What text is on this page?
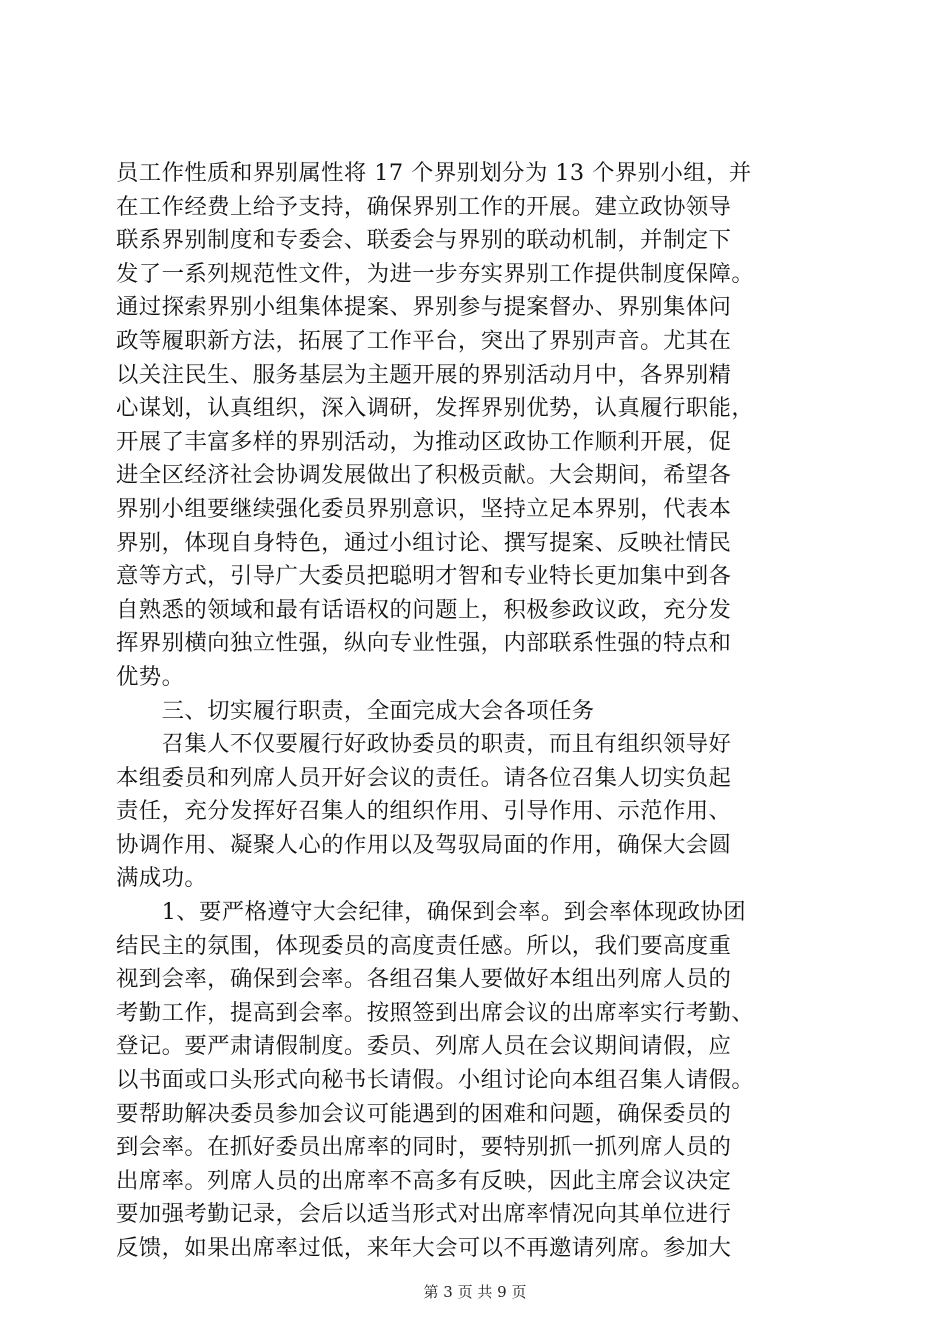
员工作性质和界别属性将 17 个界别划分为 13 个界别小组，并
在工作经费上给予支持，确保界别工作的开展。建立政协领导
联系界别制度和专委会、联委会与界别的联动机制，并制定下
发了一系列规范性文件，为进一步夯实界别工作提供制度保障。
通过探索界别小组集体提案、界别参与提案督办、界别集体问
政等履职新方法，拓展了工作平台，突出了界别声音。尤其在
以关注民生、服务基层为主题开展的界别活动月中，各界别精
心谋划，认真组织，深入调研，发挥界别优势，认真履行职能，
开展了丰富多样的界别活动，为推动区政协工作顺利开展，促
进全区经济社会协调发展做出了积极贡献。大会期间，希望各
界别小组要继续强化委员界别意识，坚持立足本界别，代表本
界别，体现自身特色，通过小组讨论、撰写提案、反映社情民
意等方式，引导广大委员把聪明才智和专业特长更加集中到各
自熟悉的领域和最有话语权的问题上，积极参政议政，充分发
挥界别横向独立性强，纵向专业性强，内部联系性强的特点和
优势。
　　三、切实履行职责，全面完成大会各项任务
　　召集人不仅要履行好政协委员的职责，而且有组织领导好
本组委员和列席人员开好会议的责任。请各位召集人切实负起
责任，充分发挥好召集人的组织作用、引导作用、示范作用、
协调作用、凝聚人心的作用以及驾驭局面的作用，确保大会圆
满成功。
　　1、要严格遵守大会纪律，确保到会率。到会率体现政协团
结民主的氛围，体现委员的高度责任感。所以，我们要高度重
视到会率，确保到会率。各组召集人要做好本组出列席人员的
考勤工作，提高到会率。按照签到出席会议的出席率实行考勤、
登记。要严肃请假制度。委员、列席人员在会议期间请假，应
以书面或口头形式向秘书长请假。小组讨论向本组召集人请假。
要帮助解决委员参加会议可能遇到的困难和问题，确保委员的
到会率。在抓好委员出席率的同时，要特别抓一抓列席人员的
出席率。列席人员的出席率不高多有反映，因此主席会议决定
要加强考勤记录，会后以适当形式对出席率情况向其单位进行
反馈，如果出席率过低，来年大会可以不再邀请列席。参加大
第 3 页 共 9 页
